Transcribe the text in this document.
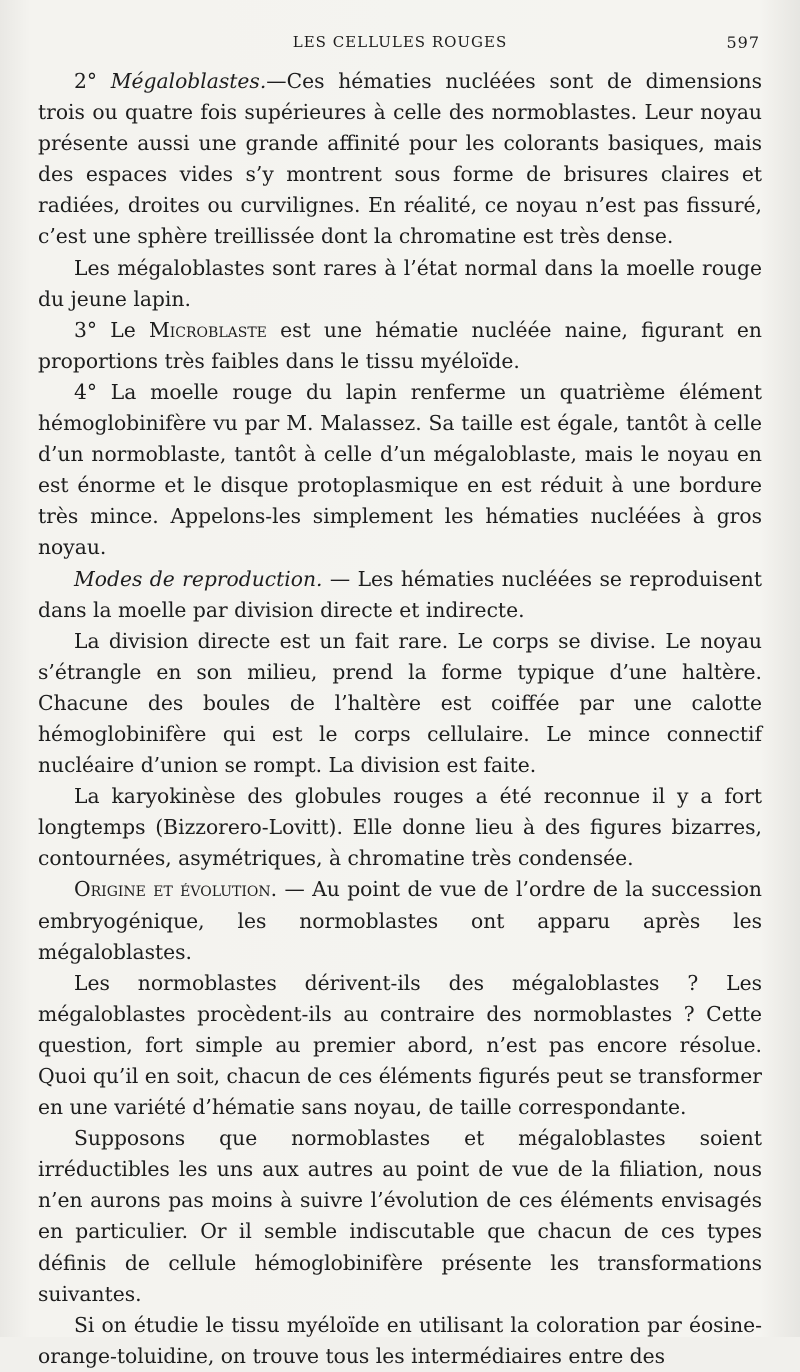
LES CELLULES ROUGES	597

2° Mégaloblastes.—Ces hématies nucléées sont de dimensions trois ou quatre fois supérieures à celle des normoblastes. Leur noyau présente aussi une grande affinité pour les colorants basiques, mais des espaces vides s’y montrent sous forme de brisures claires et radiées, droites ou curvilignes. En réalité, ce noyau n’est pas fissuré, c’est une sphère treillissée dont la chromatine est très dense.

Les mégaloblastes sont rares à l’état normal dans la moelle rouge du jeune lapin.

3° Le Microblaste est une hématie nucléée naine, figurant en proportions très faibles dans le tissu myéloïde.

4° La moelle rouge du lapin renferme un quatrième élément hémoglobinifère vu par M. Malassez. Sa taille est égale, tantôt à celle d’un normoblaste, tantôt à celle d’un mégaloblaste, mais le noyau en est énorme et le disque protoplasmique en est réduit à une bordure très mince. Appelons-les simplement les hématies nucléées à gros noyau.

Modes de reproduction. — Les hématies nucléées se reproduisent dans la moelle par division directe et indirecte.

La division directe est un fait rare. Le corps se divise. Le noyau s’étrangle en son milieu, prend la forme typique d’une haltère. Chacune des boules de l’haltère est coiffée par une calotte hémoglobinifère qui est le corps cellulaire. Le mince connectif nucléaire d’union se rompt. La division est faite.

La karyokinèse des globules rouges a été reconnue il y a fort longtemps (Bizzorero-Lovitt). Elle donne lieu à des figures bizarres, contournées, asymétriques, à chromatine très condensée.

Origine et évolution. — Au point de vue de l’ordre de la succession embryogénique, les normoblastes ont apparu après les mégaloblastes.

Les normoblastes dérivent-ils des mégaloblastes ? Les mégaloblastes procèdent-ils au contraire des normoblastes ? Cette question, fort simple au premier abord, n’est pas encore résolue. Quoi qu’il en soit, chacun de ces éléments figurés peut se transformer en une variété d’hématie sans noyau, de taille correspondante.

Supposons que normoblastes et mégaloblastes soient irréductibles les uns aux autres au point de vue de la filiation, nous n’en aurons pas moins à suivre l’évolution de ces éléments envisagés en particulier. Or il semble indiscutable que chacun de ces types définis de cellule hémoglobinifère présente les transformations suivantes.

Si on étudie le tissu myéloïde en utilisant la coloration par éosine-orange-toluidine, on trouve tous les intermédiaires entre des
